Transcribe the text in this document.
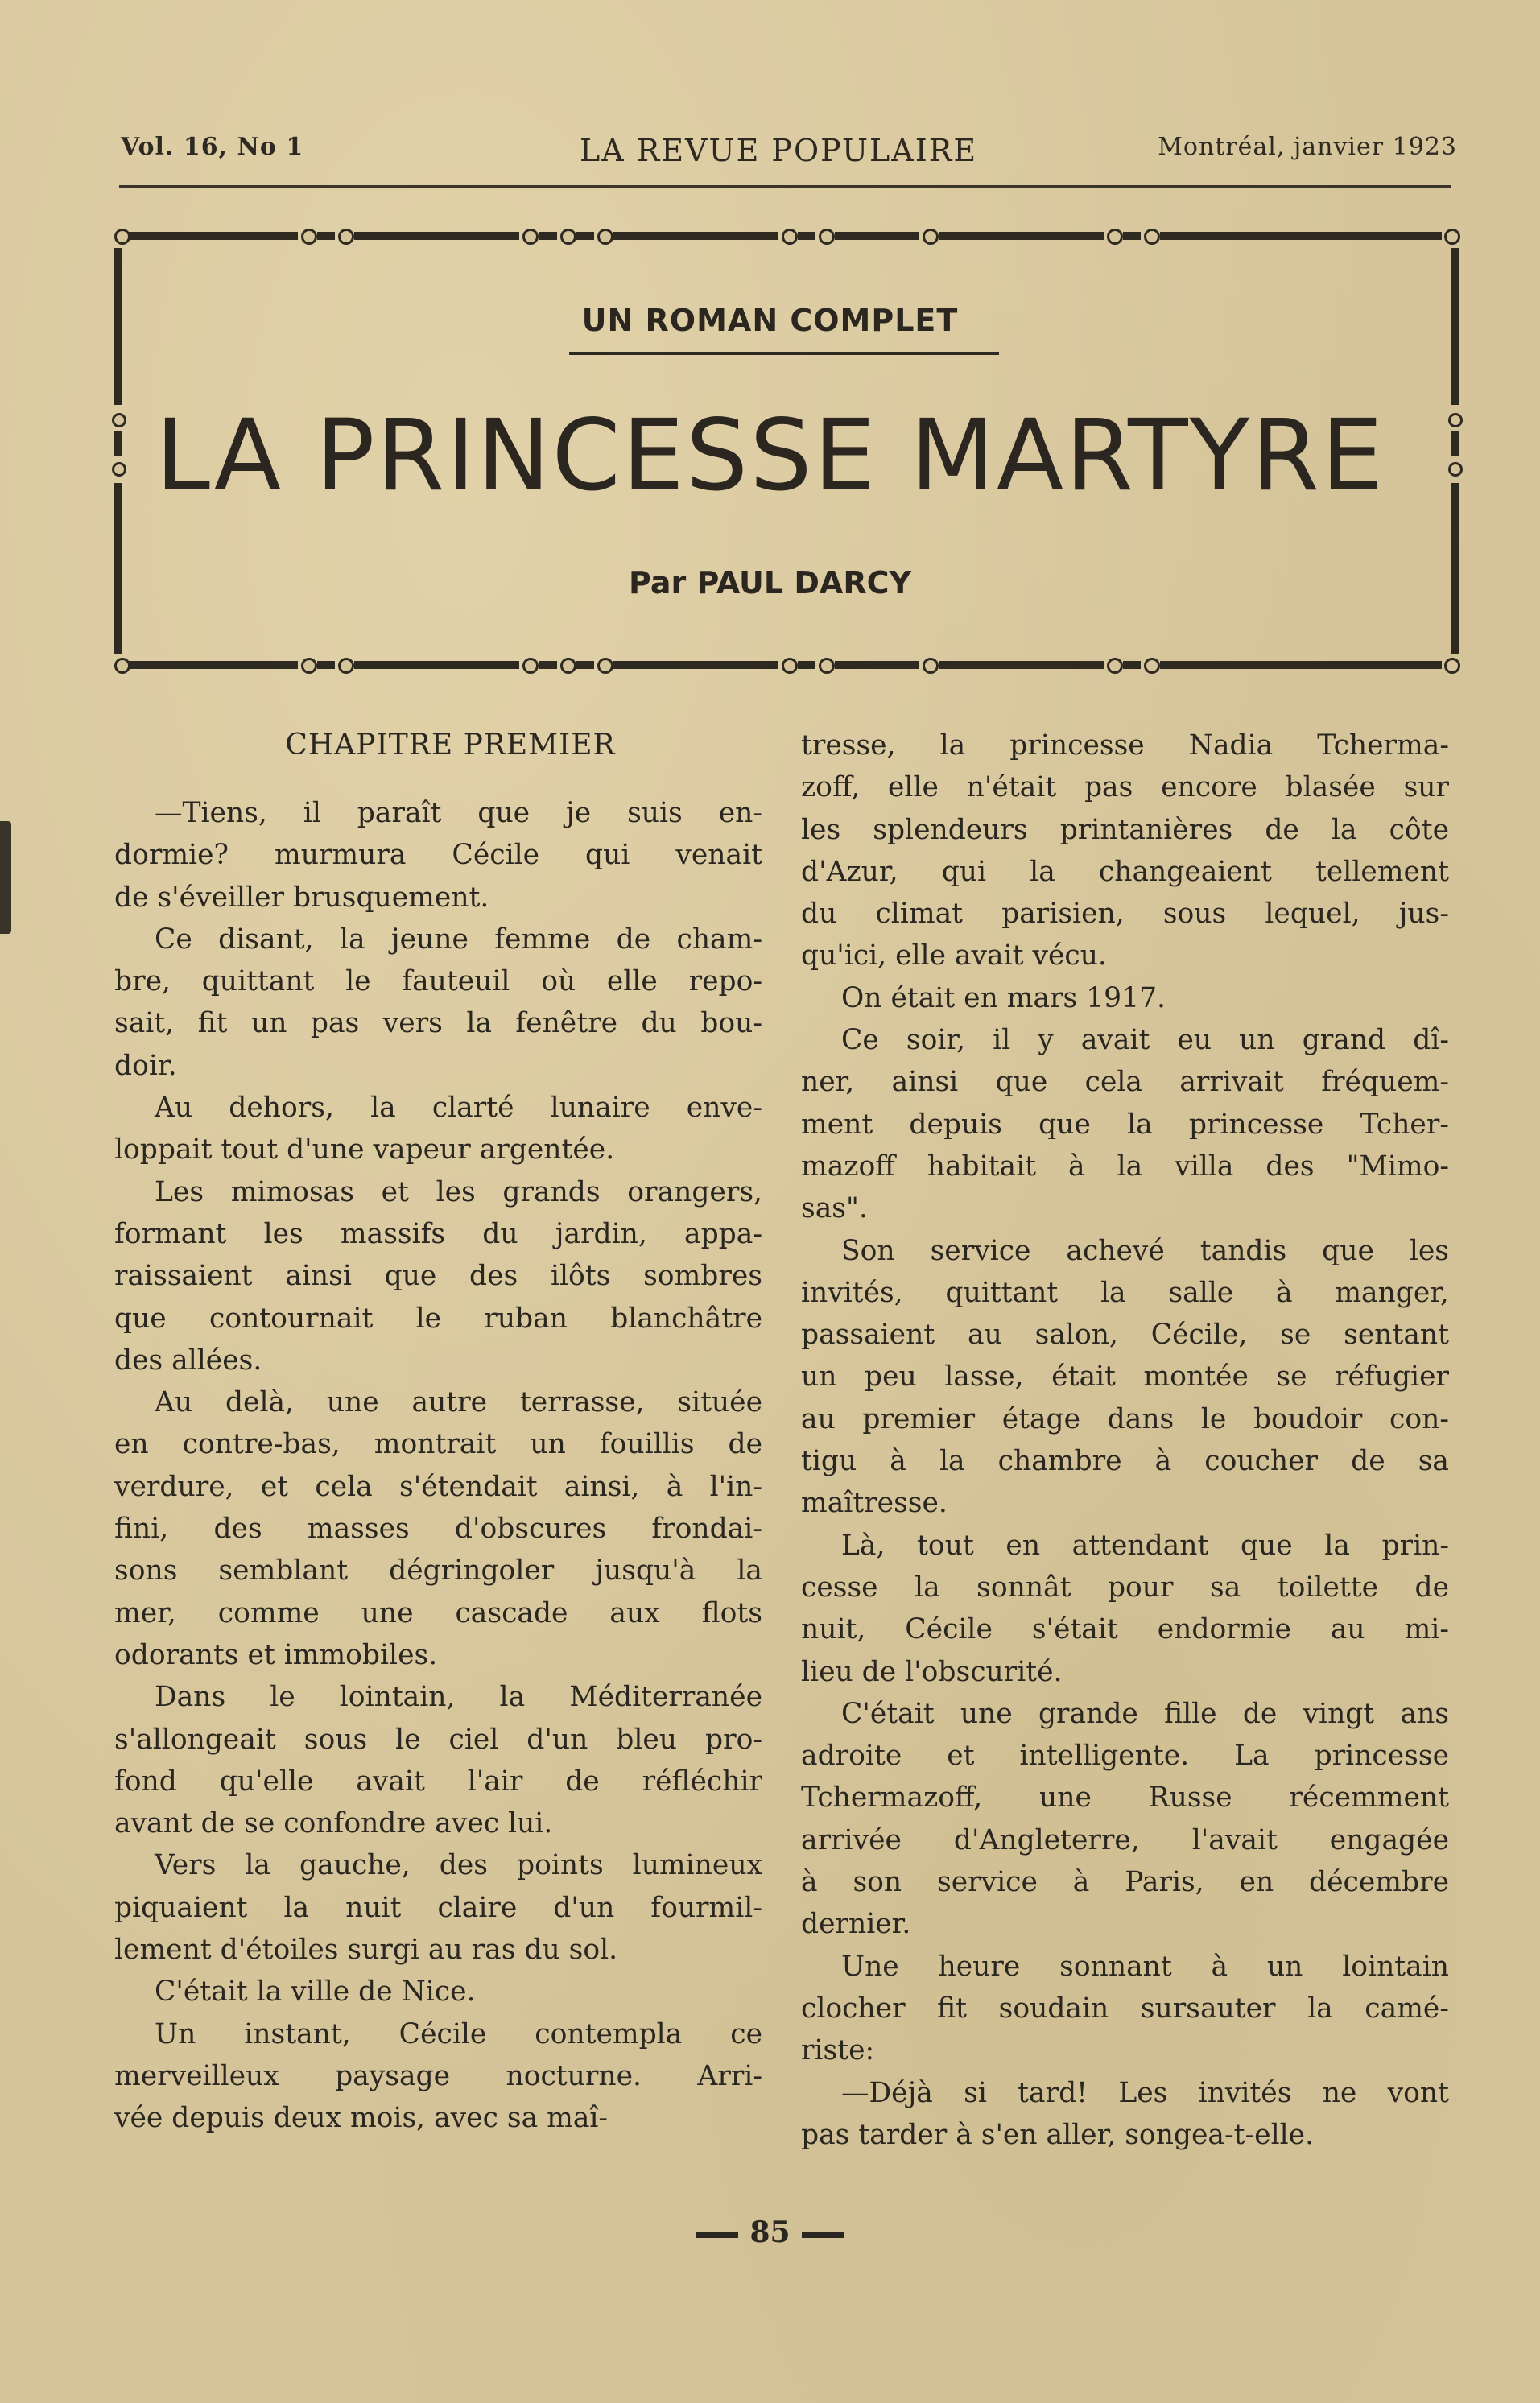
Vol. 16, No 1	LA REVUE POPULAIRE	Montréal, janvier 1923
UN ROMAN COMPLET
LA PRINCESSE MARTYRE
Par PAUL DARCY
CHAPITRE PREMIER
—Tiens, il paraît que je suis en-
dormie? murmura Cécile qui venait
de s'éveiller brusquement.
Ce disant, la jeune femme de cham-
bre, quittant le fauteuil où elle repo-
sait, fit un pas vers la fenêtre du bou-
doir.
Au dehors, la clarté lunaire enve-
loppait tout d'une vapeur argentée.
Les mimosas et les grands orangers,
formant les massifs du jardin, appa-
raissaient ainsi que des ilôts sombres
que contournait le ruban blanchâtre
des allées.
Au delà, une autre terrasse, située
en contre-bas, montrait un fouillis de
verdure, et cela s'étendait ainsi, à l'in-
fini, des masses d'obscures frondai-
sons semblant dégringoler jusqu'à la
mer, comme une cascade aux flots
odorants et immobiles.
Dans le lointain, la Méditerranée
s'allongeait sous le ciel d'un bleu pro-
fond qu'elle avait l'air de réfléchir
avant de se confondre avec lui.
Vers la gauche, des points lumineux
piquaient la nuit claire d'un fourmil-
lement d'étoiles surgi au ras du sol.
C'était la ville de Nice.
Un instant, Cécile contempla ce
merveilleux paysage nocturne. Arri-
vée depuis deux mois, avec sa maî-
tresse, la princesse Nadia Tcherma-
zoff, elle n'était pas encore blasée sur
les splendeurs printanières de la côte
d'Azur, qui la changeaient tellement
du climat parisien, sous lequel, jus-
qu'ici, elle avait vécu.
On était en mars 1917.
Ce soir, il y avait eu un grand dî-
ner, ainsi que cela arrivait fréquem-
ment depuis que la princesse Tcher-
mazoff habitait à la villa des "Mimo-
sas".
Son service achevé tandis que les
invités, quittant la salle à manger,
passaient au salon, Cécile, se sentant
un peu lasse, était montée se réfugier
au premier étage dans le boudoir con-
tigu à la chambre à coucher de sa
maîtresse.
Là, tout en attendant que la prin-
cesse la sonnât pour sa toilette de
nuit, Cécile s'était endormie au mi-
lieu de l'obscurité.
C'était une grande fille de vingt ans
adroite et intelligente. La princesse
Tchermazoff, une Russe récemment
arrivée d'Angleterre, l'avait engagée
à son service à Paris, en décembre
dernier.
Une heure sonnant à un lointain
clocher fit soudain sursauter la camé-
riste:
—Déjà si tard! Les invités ne vont
pas tarder à s'en aller, songea-t-elle.
85
